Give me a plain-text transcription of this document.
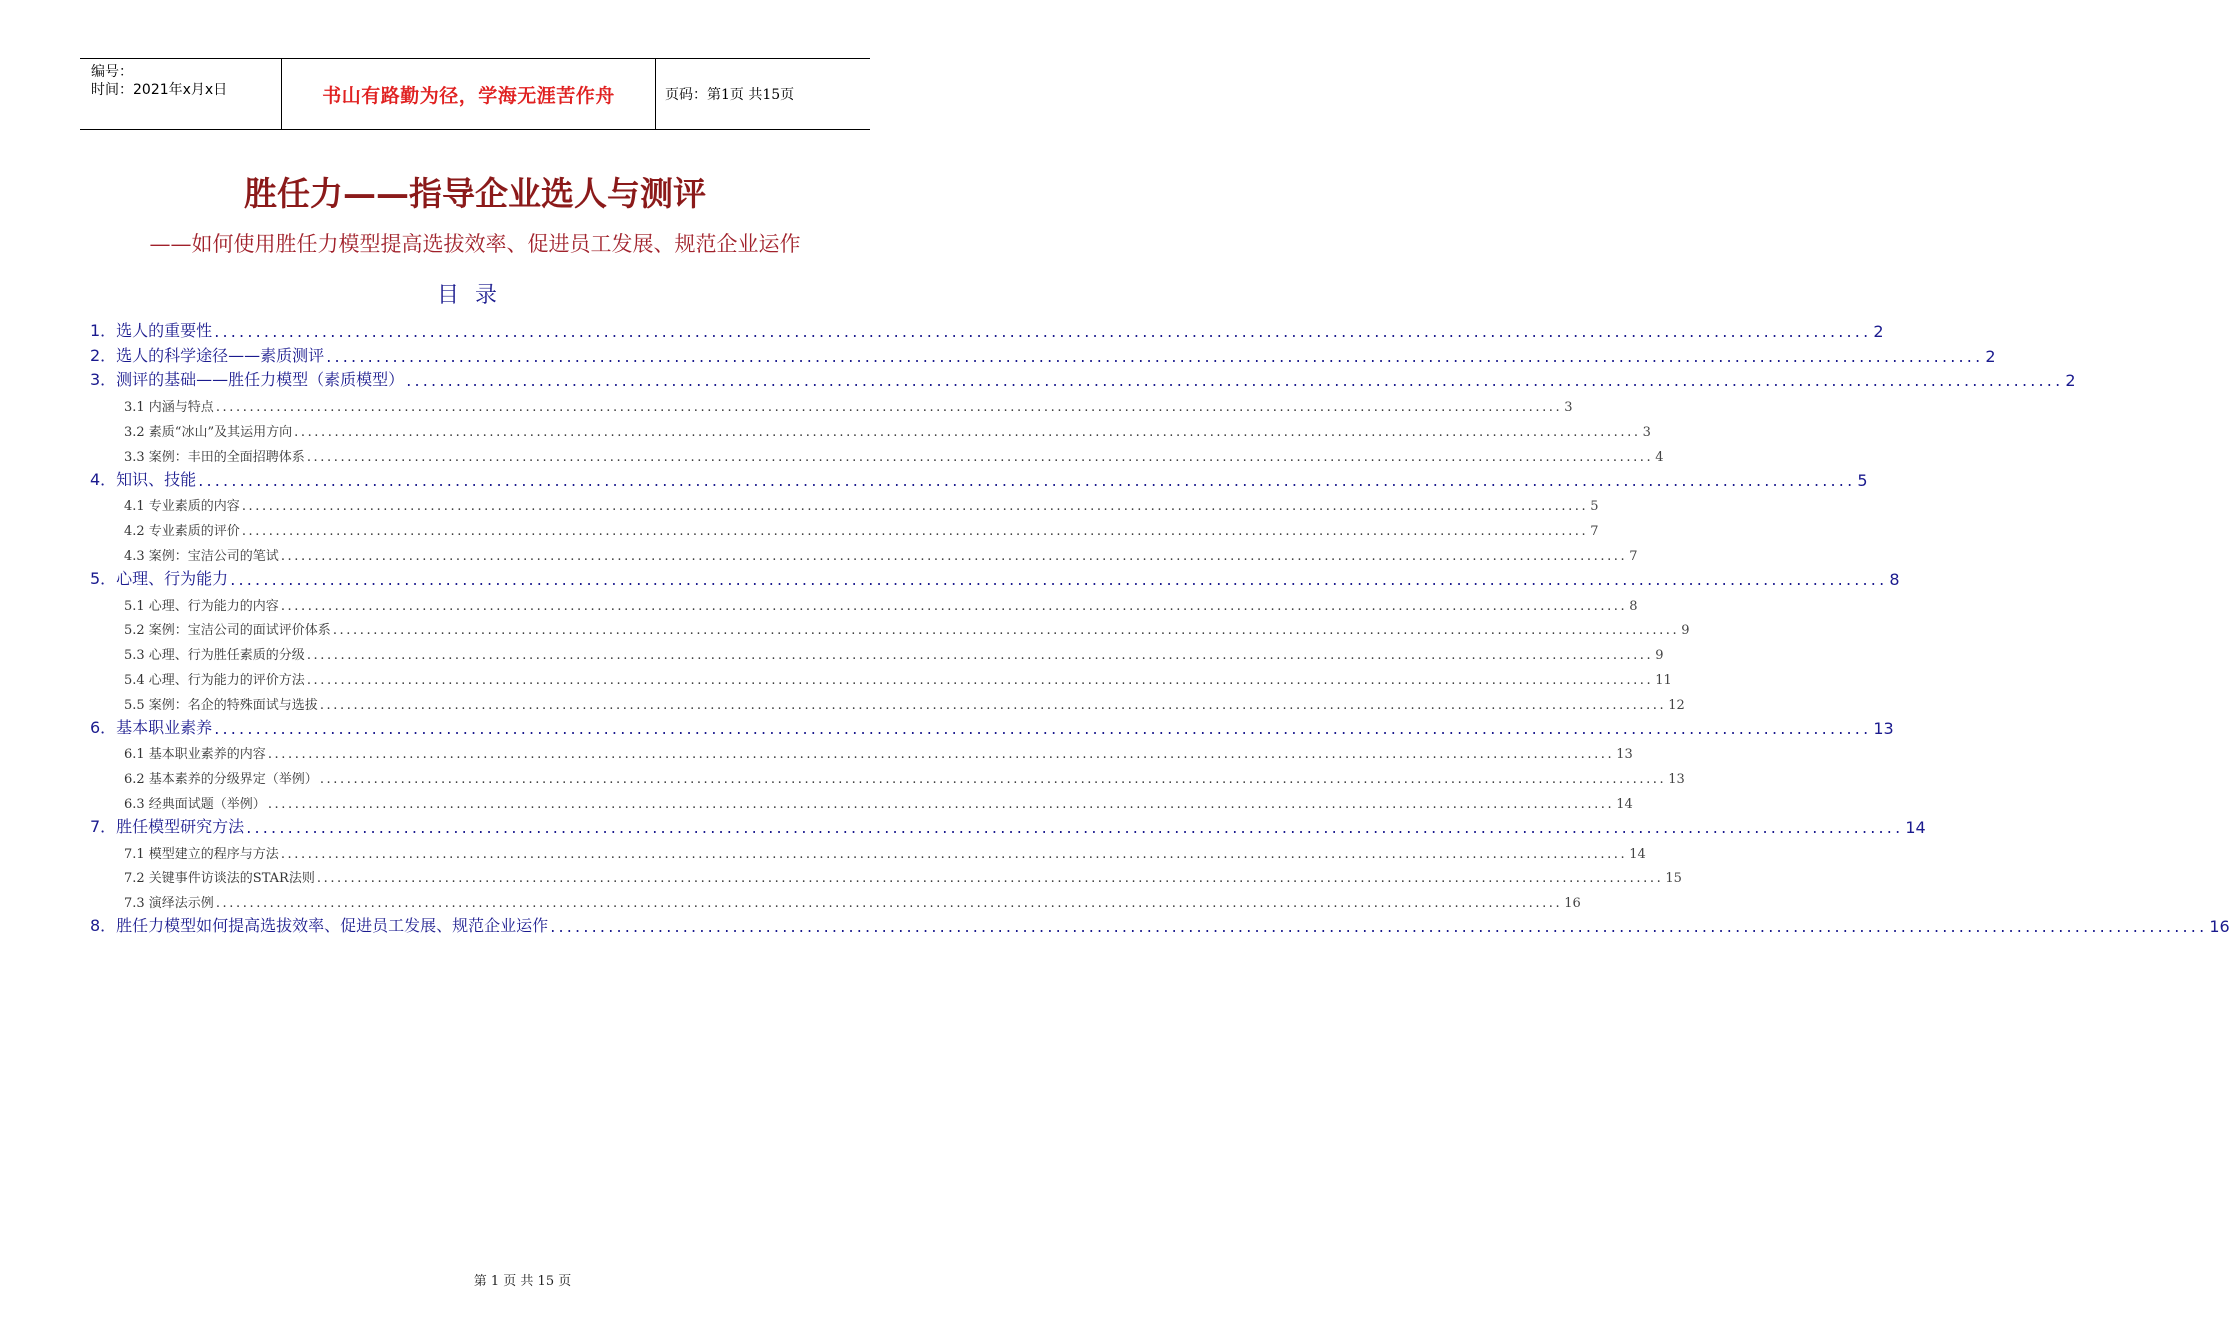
编号：
时间：2021年x月x日	书山有路勤为径，学海无涯苦作舟	页码：第1页 共15页
胜任力——指导企业选人与测评
——如何使用胜任力模型提高选拔效率、促进员工发展、规范企业运作
目录
1．选人的重要性 ........................................................................................................................................................................................................ 2
2．选人的科学途径——素质测评 ........................................................................................................................................................................................................ 2
3．测评的基础——胜任力模型（素质模型） ........................................................................................................................................................................................................ 2
3.1 内涵与特点 ........................................................................................................................................................................................................ 3
3.2 素质“冰山”及其运用方向 ........................................................................................................................................................................................................ 3
3.3 案例：丰田的全面招聘体系 ........................................................................................................................................................................................................ 4
4．知识、技能 ........................................................................................................................................................................................................ 5
4.1 专业素质的内容 ........................................................................................................................................................................................................ 5
4.2 专业素质的评价 ........................................................................................................................................................................................................ 7
4.3 案例：宝洁公司的笔试 ........................................................................................................................................................................................................ 7
5．心理、行为能力 ........................................................................................................................................................................................................ 8
5.1 心理、行为能力的内容 ........................................................................................................................................................................................................ 8
5.2 案例：宝洁公司的面试评价体系 ........................................................................................................................................................................................................ 9
5.3 心理、行为胜任素质的分级 ........................................................................................................................................................................................................ 9
5.4 心理、行为能力的评价方法 ........................................................................................................................................................................................................ 11
5.5 案例：名企的特殊面试与选拔 ........................................................................................................................................................................................................ 12
6．基本职业素养 ........................................................................................................................................................................................................ 13
6.1 基本职业素养的内容 ........................................................................................................................................................................................................ 13
6.2 基本素养的分级界定（举例） ........................................................................................................................................................................................................ 13
6.3 经典面试题（举例） ........................................................................................................................................................................................................ 14
7．胜任模型研究方法 ........................................................................................................................................................................................................ 14
7.1 模型建立的程序与方法 ........................................................................................................................................................................................................ 14
7.2 关键事件访谈法的STAR法则 ........................................................................................................................................................................................................ 15
7.3 演绎法示例 ........................................................................................................................................................................................................ 16
8．胜任力模型如何提高选拔效率、促进员工发展、规范企业运作 ........................................................................................................................................................................................................ 16
第 1 页 共 15 页
